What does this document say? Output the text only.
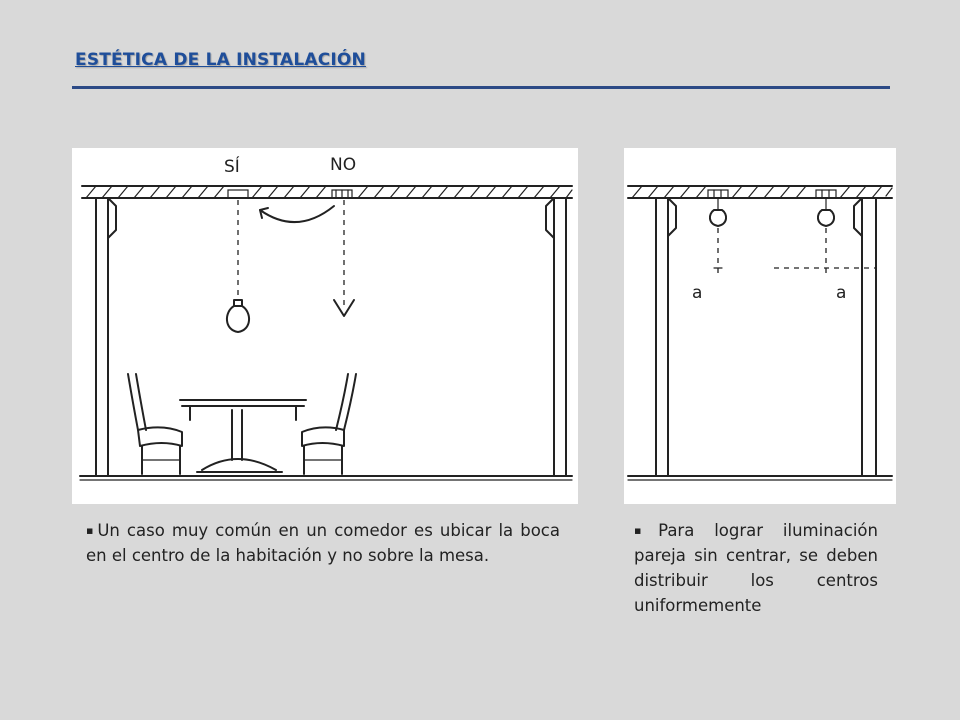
ESTÉTICA DE LA INSTALACIÓN
SÍ	NO
a	a
▪ Un caso muy común en un comedor es ubicar la boca en el centro de la habitación y no sobre la mesa.
▪ Para lograr iluminación pareja sin centrar, se deben distribuir los centros uniformemente
